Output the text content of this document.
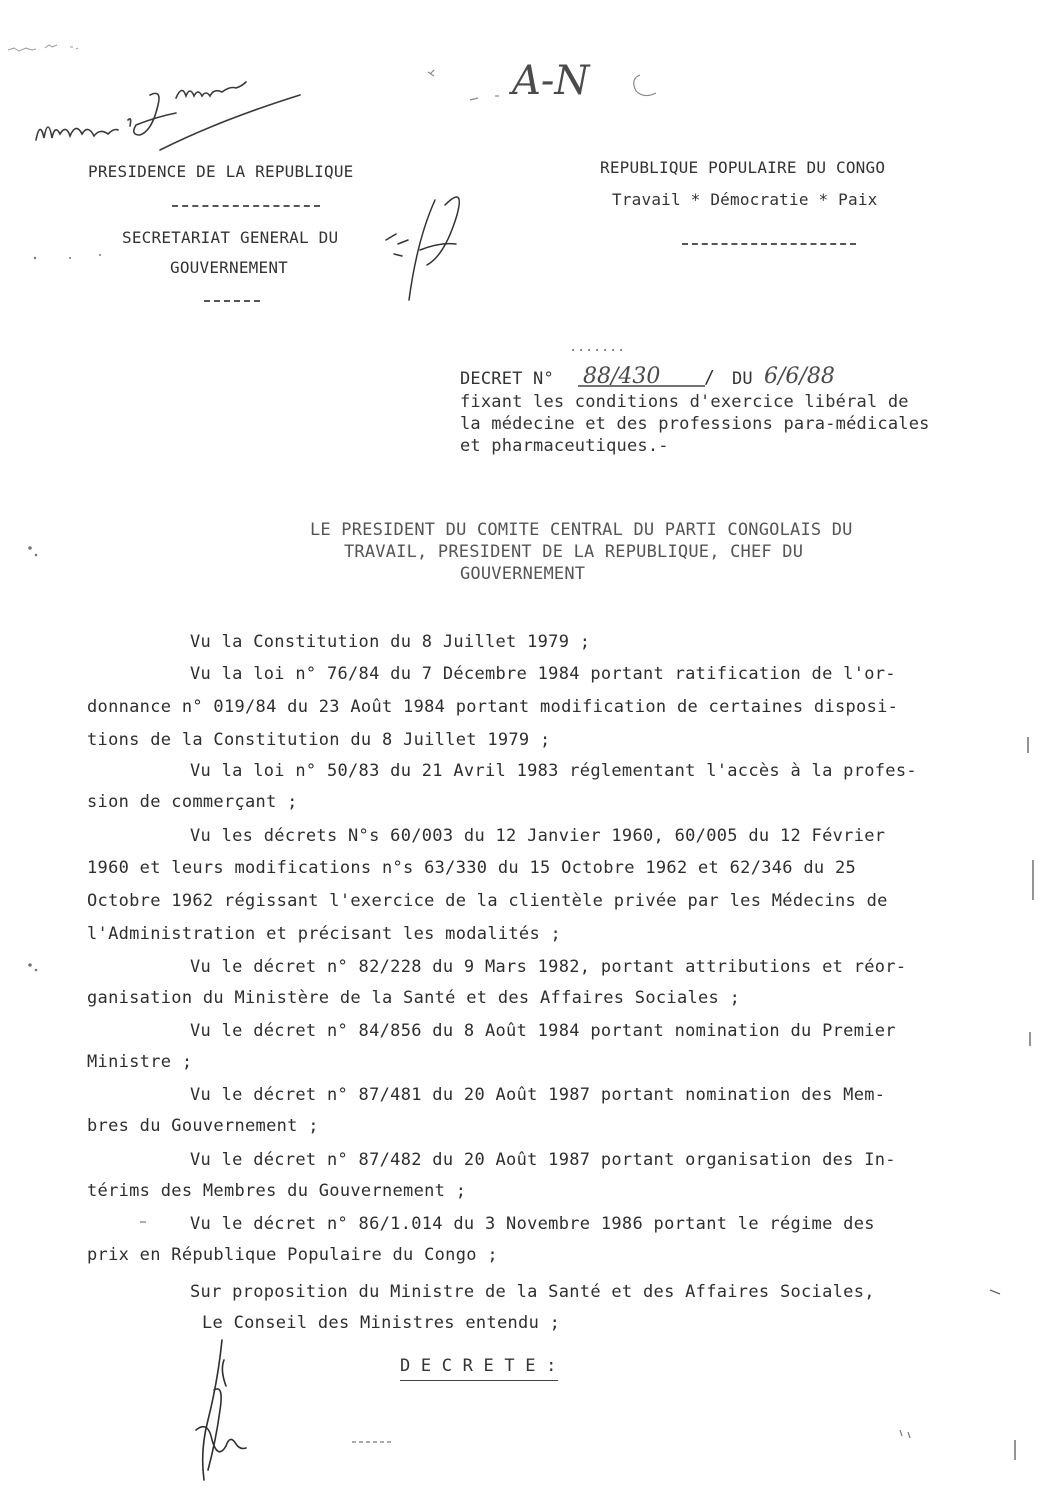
A-N
PRESIDENCE DE LA REPUBLIQUE
SECRETARIAT GENERAL DU
GOUVERNEMENT
REPUBLIQUE POPULAIRE DU CONGO
Travail * Démocratie * Paix
DECRET N° 88/430 / DU 6/6/88
fixant les conditions d'exercice libéral de
la médecine et des professions para-médicales
et pharmaceutiques.-
LE PRESIDENT DU COMITE CENTRAL DU PARTI CONGOLAIS DU
TRAVAIL, PRESIDENT DE LA REPUBLIQUE, CHEF DU
GOUVERNEMENT
Vu la Constitution du 8 Juillet 1979 ;
Vu la loi n° 76/84 du 7 Décembre 1984 portant ratification de l'or-
donnance n° 019/84 du 23 Août 1984 portant modification de certaines disposi-
tions de la Constitution du 8 Juillet 1979 ;
Vu la loi n° 50/83 du 21 Avril 1983 réglementant l'accès à la profes-
sion de commerçant ;
Vu les décrets N°s 60/003 du 12 Janvier 1960, 60/005 du 12 Février
1960 et leurs modifications n°s 63/330 du 15 Octobre 1962 et 62/346 du 25
Octobre 1962 régissant l'exercice de la clientèle privée par les Médecins de
l'Administration et précisant les modalités ;
Vu le décret n° 82/228 du 9 Mars 1982, portant attributions et réor-
ganisation du Ministère de la Santé et des Affaires Sociales ;
Vu le décret n° 84/856 du 8 Août 1984 portant nomination du Premier
Ministre ;
Vu le décret n° 87/481 du 20 Août 1987 portant nomination des Mem-
bres du Gouvernement ;
Vu le décret n° 87/482 du 20 Août 1987 portant organisation des In-
térims des Membres du Gouvernement ;
Vu le décret n° 86/1.014 du 3 Novembre 1986 portant le régime des
prix en République Populaire du Congo ;
Sur proposition du Ministre de la Santé et des Affaires Sociales,
Le Conseil des Ministres entendu ;
D E C R E T E :
